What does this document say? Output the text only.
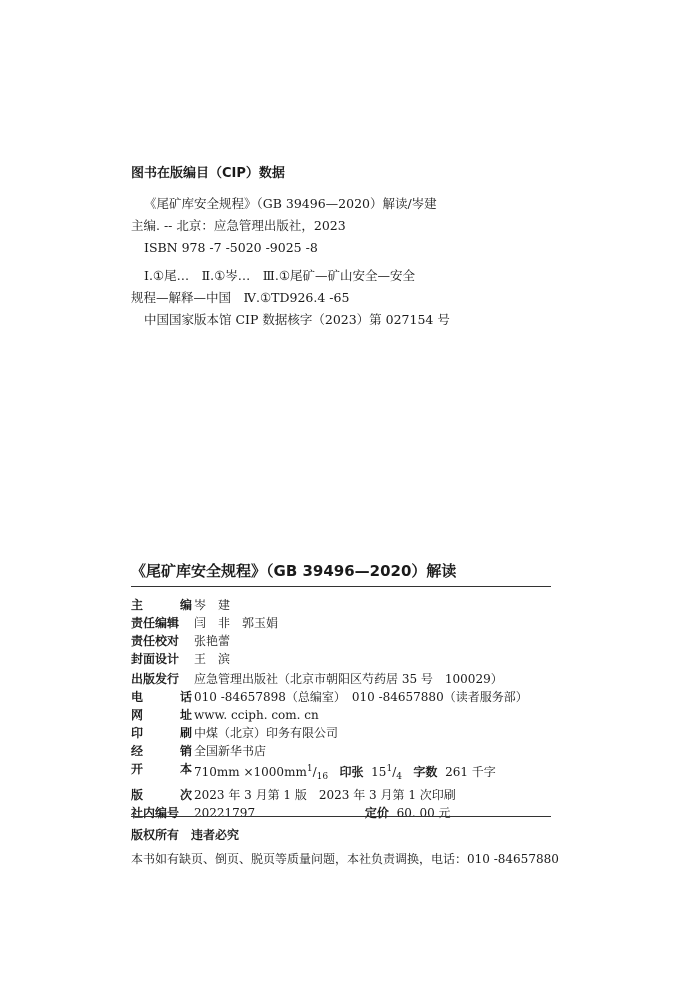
图书在版编目（CIP）数据
《尾矿库安全规程》（GB 39496—2020）解读/岑建
主编. -- 北京：应急管理出版社，2023
ISBN 978 -7 -5020 -9025 -8
Ⅰ.①尾…　Ⅱ.①岑…　Ⅲ.①尾矿—矿山安全—安全
规程—解释—中国　Ⅳ.①TD926.4 -65
中国国家版本馆 CIP 数据核字（2023）第 027154 号
《尾矿库安全规程》（GB 39496—2020）解读
主	编 岑　建
责任编辑	闫　非　郭玉娟
责任校对	张艳蕾
封面设计	王　滨
出版发行	应急管理出版社（北京市朝阳区芍药居 35 号　100029）
电	话 010 -84657898（总编室）　010 -84657880（读者服务部）
网	址 www. cciph. com. cn
印	刷 中煤（北京）印务有限公司
经	销 全国新华书店
开	本 $710mm \times 1000mm^1/_{16}$ 印张 $15^1/_4$ 字数 261 千字
版	次 2023 年 3 月第 1 版　2023 年 3 月第 1 次印刷
社内编号	20221797	定价 60. 00 元
版权所有　违者必究
本书如有缺页、倒页、脱页等质量问题，本社负责调换，电话：010 -84657880
